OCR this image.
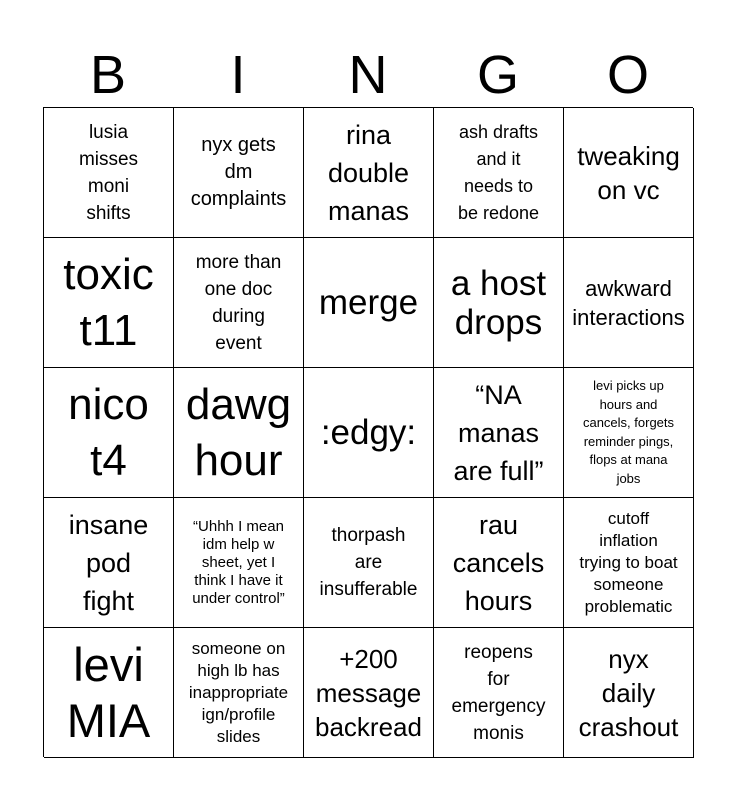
B	I	N	G	O
lusia
misses
moni
shifts
nyx gets
dm
complaints
rina
double
manas
ash drafts
and it
needs to
be redone
tweaking
on vc
toxic
t11
more than
one doc
during
event
merge a host
drops
awkward
interactions
nico
t4
dawg
hour
:edgy:
“NA
manas
are full”
levi picks up
hours and
cancels, forgets
reminder pings,
flops at mana
jobs
insane
pod
fight
“Uhhh I mean
idm help w
sheet, yet I
think I have it
under control”
thorpash
are
insufferable
rau
cancels
hours
cutoff
inflation
trying to boat
someone
problematic
levi
MIA
someone on
high lb has
inappropriate
ign/profile
slides
+200
message
backread
reopens
for
emergency
monis
nyx
daily
crashout
